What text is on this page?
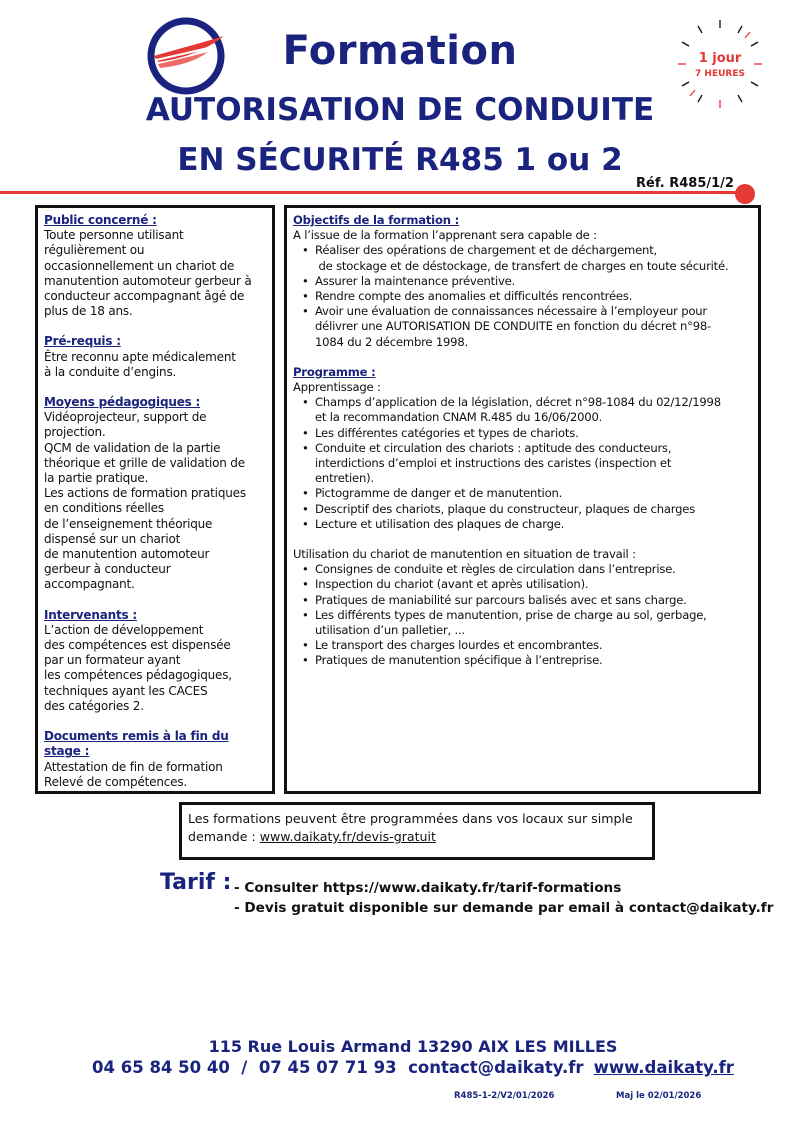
Formation
AUTORISATION DE CONDUITE
EN SÉCURITÉ R485 1 ou 2
1 jour
7 HEURES
Réf. R485/1/2
Public concerné :
Toute personne utilisant
régulièrement ou
occasionnellement un chariot de
manutention automoteur gerbeur à
conducteur accompagnant âgé de
plus de 18 ans.
Pré-requis :
Être reconnu apte médicalement
à la conduite d’engins.
Moyens pédagogiques :
Vidéoprojecteur, support de
projection.
QCM de validation de la partie
théorique et grille de validation de
la partie pratique.
Les actions de formation pratiques
en conditions réelles
de l’enseignement théorique
dispensé sur un chariot
de manutention automoteur
gerbeur à conducteur
accompagnant.
Intervenants :
L’action de développement
des compétences est dispensée
par un formateur ayant
les compétences pédagogiques,
techniques ayant les CACES
des catégories 2.
Documents remis à la fin du stage :
Attestation de fin de formation
Relevé de compétences.
Objectifs de la formation :
A l’issue de la formation l’apprenant sera capable de :
• Réaliser des opérations de chargement et de déchargement,
de stockage et de déstockage, de transfert de charges en toute sécurité.
• Assurer la maintenance préventive.
• Rendre compte des anomalies et difficultés rencontrées.
• Avoir une évaluation de connaissances nécessaire à l’employeur pour
délivrer une AUTORISATION DE CONDUITE en fonction du décret n°98-
1084 du 2 décembre 1998.
Programme :
Apprentissage :
• Champs d’application de la législation, décret n°98-1084 du 02/12/1998
et la recommandation CNAM R.485 du 16/06/2000.
• Les différentes catégories et types de chariots.
• Conduite et circulation des chariots : aptitude des conducteurs,
interdictions d’emploi et instructions des caristes (inspection et
entretien).
• Pictogramme de danger et de manutention.
• Descriptif des chariots, plaque du constructeur, plaques de charges
• Lecture et utilisation des plaques de charge.
Utilisation du chariot de manutention en situation de travail :
• Consignes de conduite et règles de circulation dans l’entreprise.
• Inspection du chariot (avant et après utilisation).
• Pratiques de maniabilité sur parcours balisés avec et sans charge.
• Les différents types de manutention, prise de charge au sol, gerbage,
utilisation d’un palletier, ...
• Le transport des charges lourdes et encombrantes.
• Pratiques de manutention spécifique à l’entreprise.
Les formations peuvent être programmées dans vos locaux sur simple
demande : www.daikaty.fr/devis-gratuit
Tarif : - Consulter https://www.daikaty.fr/tarif-formations
- Devis gratuit disponible sur demande par email à contact@daikaty.fr
115 Rue Louis Armand 13290 AIX LES MILLES
04 65 84 50 40  /  07 45 07 71 93  contact@daikaty.fr www.daikaty.fr
R485-1-2/V2/01/2026	Maj le 02/01/2026
